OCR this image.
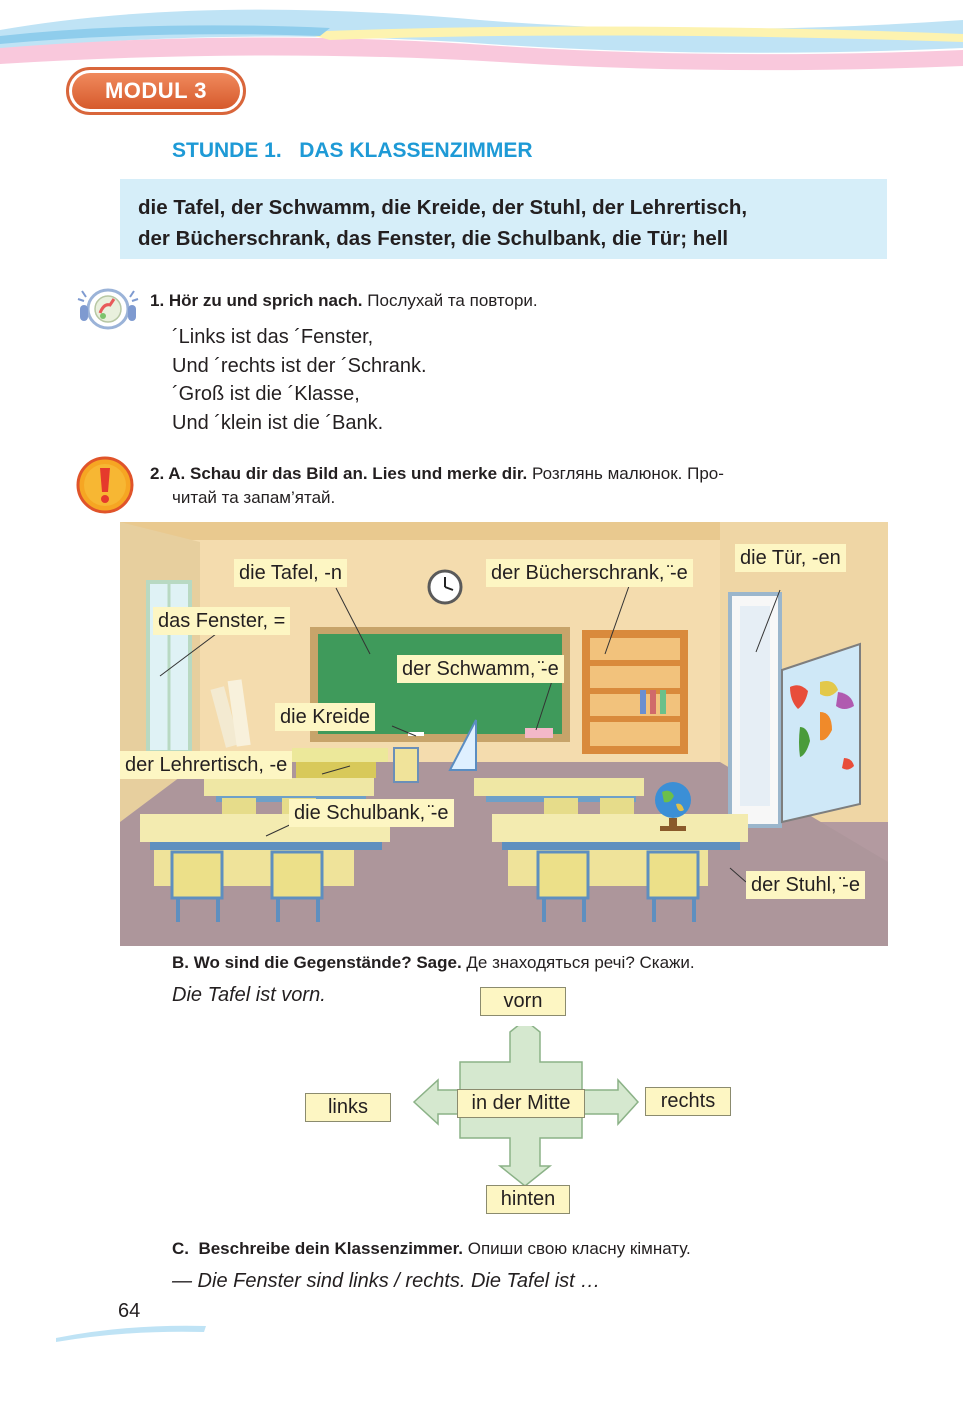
MODUL 3
STUNDE 1.   DAS KLASSENZIMMER
die Tafel, der Schwamm, die Kreide, der Stuhl, der Lehrertisch,
der Bücherschrank, das Fenster, die Schulbank, die Tür; hell
1. Hör zu und sprich nach. Послухай та повтори.
´Links ist das ´Fenster,
Und ´rechts ist der ´Schrank.
´Groß ist die ´Klasse,
Und ´klein ist die ´Bank.
2. A. Schau dir das Bild an. Lies und merke dir. Розглянь малюнок. Про-
читай та запам’ятай.
die Tafel, -n	der Bücherschrank, ̈-e
die Tür, -en
das Fenster, =
der Schwamm, ̈-e
die Kreide
der Lehrertisch, -e
die Schulbank, ̈-e
der Stuhl, ̈-e
B. Wo sind die Gegenstände? Sage. Де знаходяться речі? Скажи.
Die Tafel ist vorn.	vorn
links	in der Mitte	rechts
hinten
C.  Beschreibe dein Klassenzimmer. Опиши свою класну кімнату.
— Die Fenster sind links / rechts. Die Tafel ist …
64
